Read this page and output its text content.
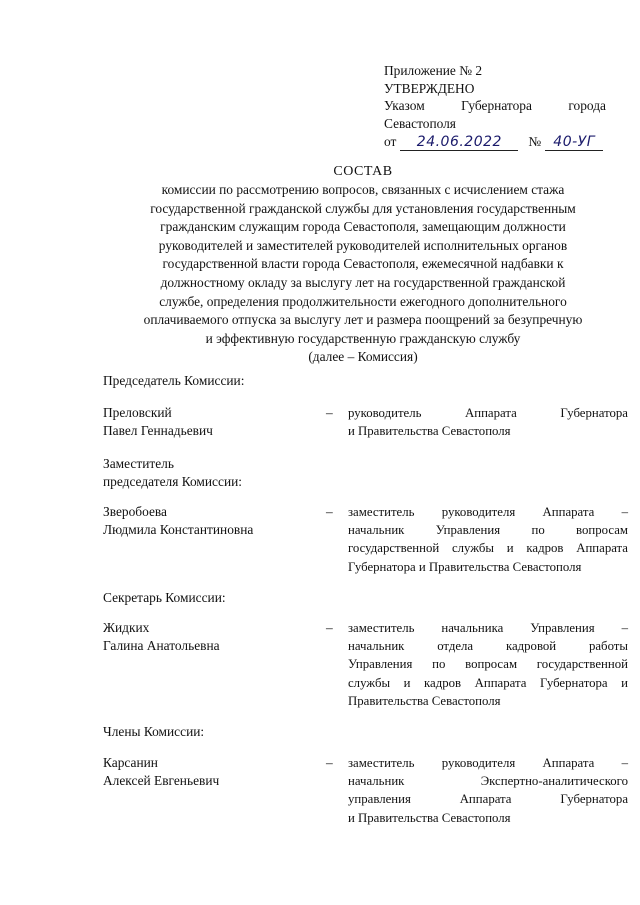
Приложение № 2
УТВЕРЖДЕНО
Указом	Губернатора	города
Севастополя
от	24.06.2022	№ 40-УГ
СОСТАВ
комиссии по рассмотрению вопросов, связанных с исчислением стажа
государственной гражданской службы для установления государственным
гражданским служащим города Севастополя, замещающим должности
руководителей и заместителей руководителей исполнительных органов
государственной власти города Севастополя, ежемесячной надбавки к
должностному окладу за выслугу лет на государственной гражданской
службе, определения продолжительности ежегодного дополнительного
оплачиваемого отпуска за выслугу лет и размера поощрений за безупречную
и эффективную государственную гражданскую службу
(далее – Комиссия)
Председатель Комиссии:
Преловский
Павел Геннадьевич
– руководитель Аппарата Губернатора
и Правительства Севастополя
Заместитель
председателя Комиссии:
Зверобоева
Людмила Константиновна
– заместитель руководителя Аппарата –
начальник Управления по вопросам
государственной службы и кадров Аппарата
Губернатора и Правительства Севастополя
Секретарь Комиссии:
Жидких
Галина Анатольевна
– заместитель начальника Управления –
начальник отдела кадровой работы
Управления по вопросам государственной
службы и кадров Аппарата Губернатора и
Правительства Севастополя
Члены Комиссии:
Карсанин
Алексей Евгеньевич
– заместитель руководителя Аппарата –
начальник Экспертно-аналитического
управления Аппарата Губернатора
и Правительства Севастополя
